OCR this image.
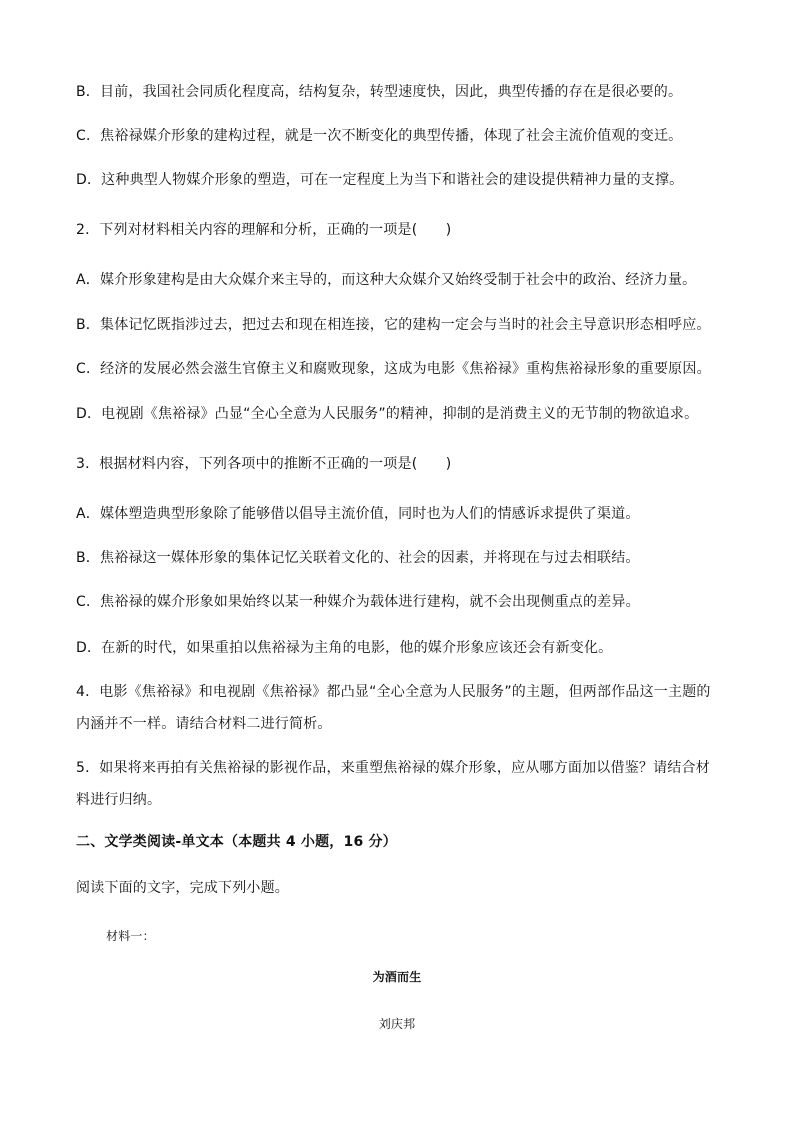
B．目前，我国社会同质化程度高，结构复杂，转型速度快，因此，典型传播的存在是很必要的。
C．焦裕禄媒介形象的建构过程，就是一次不断变化的典型传播，体现了社会主流价值观的变迁。
D．这种典型人物媒介形象的塑造，可在一定程度上为当下和谐社会的建设提供精神力量的支撑。
2．下列对材料相关内容的理解和分析，正确的一项是(　　)
A．媒介形象建构是由大众媒介来主导的，而这种大众媒介又始终受制于社会中的政治、经济力量。
B．集体记忆既指涉过去，把过去和现在相连接，它的建构一定会与当时的社会主导意识形态相呼应。
C．经济的发展必然会滋生官僚主义和腐败现象，这成为电影《焦裕禄》重构焦裕禄形象的重要原因。
D．电视剧《焦裕禄》凸显“全心全意为人民服务”的精神，抑制的是消费主义的无节制的物欲追求。
3．根据材料内容，下列各项中的推断不正确的一项是(　　)
A．媒体塑造典型形象除了能够借以倡导主流价值，同时也为人们的情感诉求提供了渠道。
B．焦裕禄这一媒体形象的集体记忆关联着文化的、社会的因素，并将现在与过去相联结。
C．焦裕禄的媒介形象如果始终以某一种媒介为载体进行建构，就不会出现侧重点的差异。
D．在新的时代，如果重拍以焦裕禄为主角的电影，他的媒介形象应该还会有新变化。
4．电影《焦裕禄》和电视剧《焦裕禄》都凸显“全心全意为人民服务”的主题，但两部作品这一主题的内涵并不一样。请结合材料二进行简析。
5．如果将来再拍有关焦裕禄的影视作品，来重塑焦裕禄的媒介形象，应从哪方面加以借鉴？请结合材料进行归纳。
二、文学类阅读-单文本（本题共 4 小题，16 分）
阅读下面的文字，完成下列小题。
材料一：
为酒而生
刘庆邦
